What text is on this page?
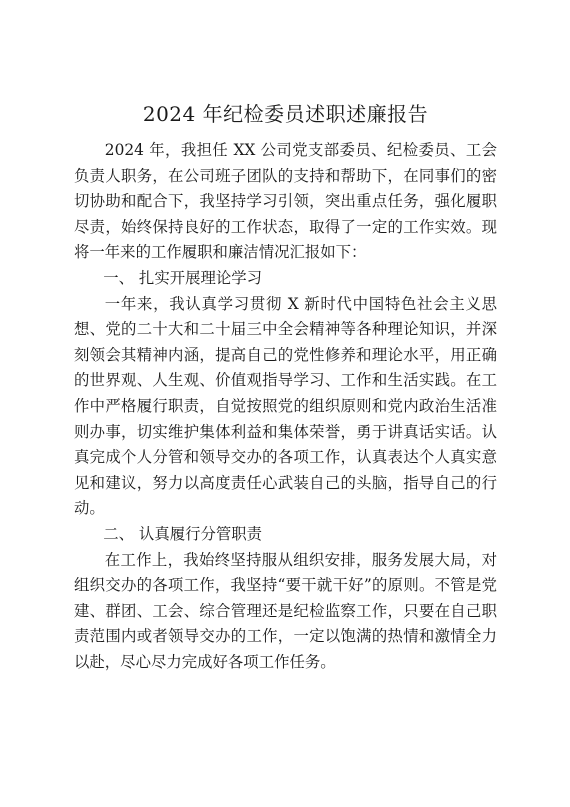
2024 年纪检委员述职述廉报告

2024 年，我担任 XX 公司党支部委员、纪检委员、工会负责人职务，在公司班子团队的支持和帮助下，在同事们的密切协助和配合下，我坚持学习引领，突出重点任务，强化履职尽责，始终保持良好的工作状态，取得了一定的工作实效。现将一年来的工作履职和廉洁情况汇报如下：

一、 扎实开展理论学习

一年来，我认真学习贯彻 X 新时代中国特色社会主义思想、党的二十大和二十届三中全会精神等各种理论知识，并深刻领会其精神内涵，提高自己的党性修养和理论水平，用正确的世界观、人生观、价值观指导学习、工作和生活实践。在工作中严格履行职责，自觉按照党的组织原则和党内政治生活准则办事，切实维护集体利益和集体荣誉，勇于讲真话实话。认真完成个人分管和领导交办的各项工作，认真表达个人真实意见和建议，努力以高度责任心武装自己的头脑，指导自己的行动。

二、 认真履行分管职责

在工作上，我始终坚持服从组织安排，服务发展大局，对组织交办的各项工作，我坚持“要干就干好”的原则。不管是党建、群团、工会、综合管理还是纪检监察工作，只要在自己职责范围内或者领导交办的工作，一定以饱满的热情和激情全力以赴，尽心尽力完成好各项工作任务。
